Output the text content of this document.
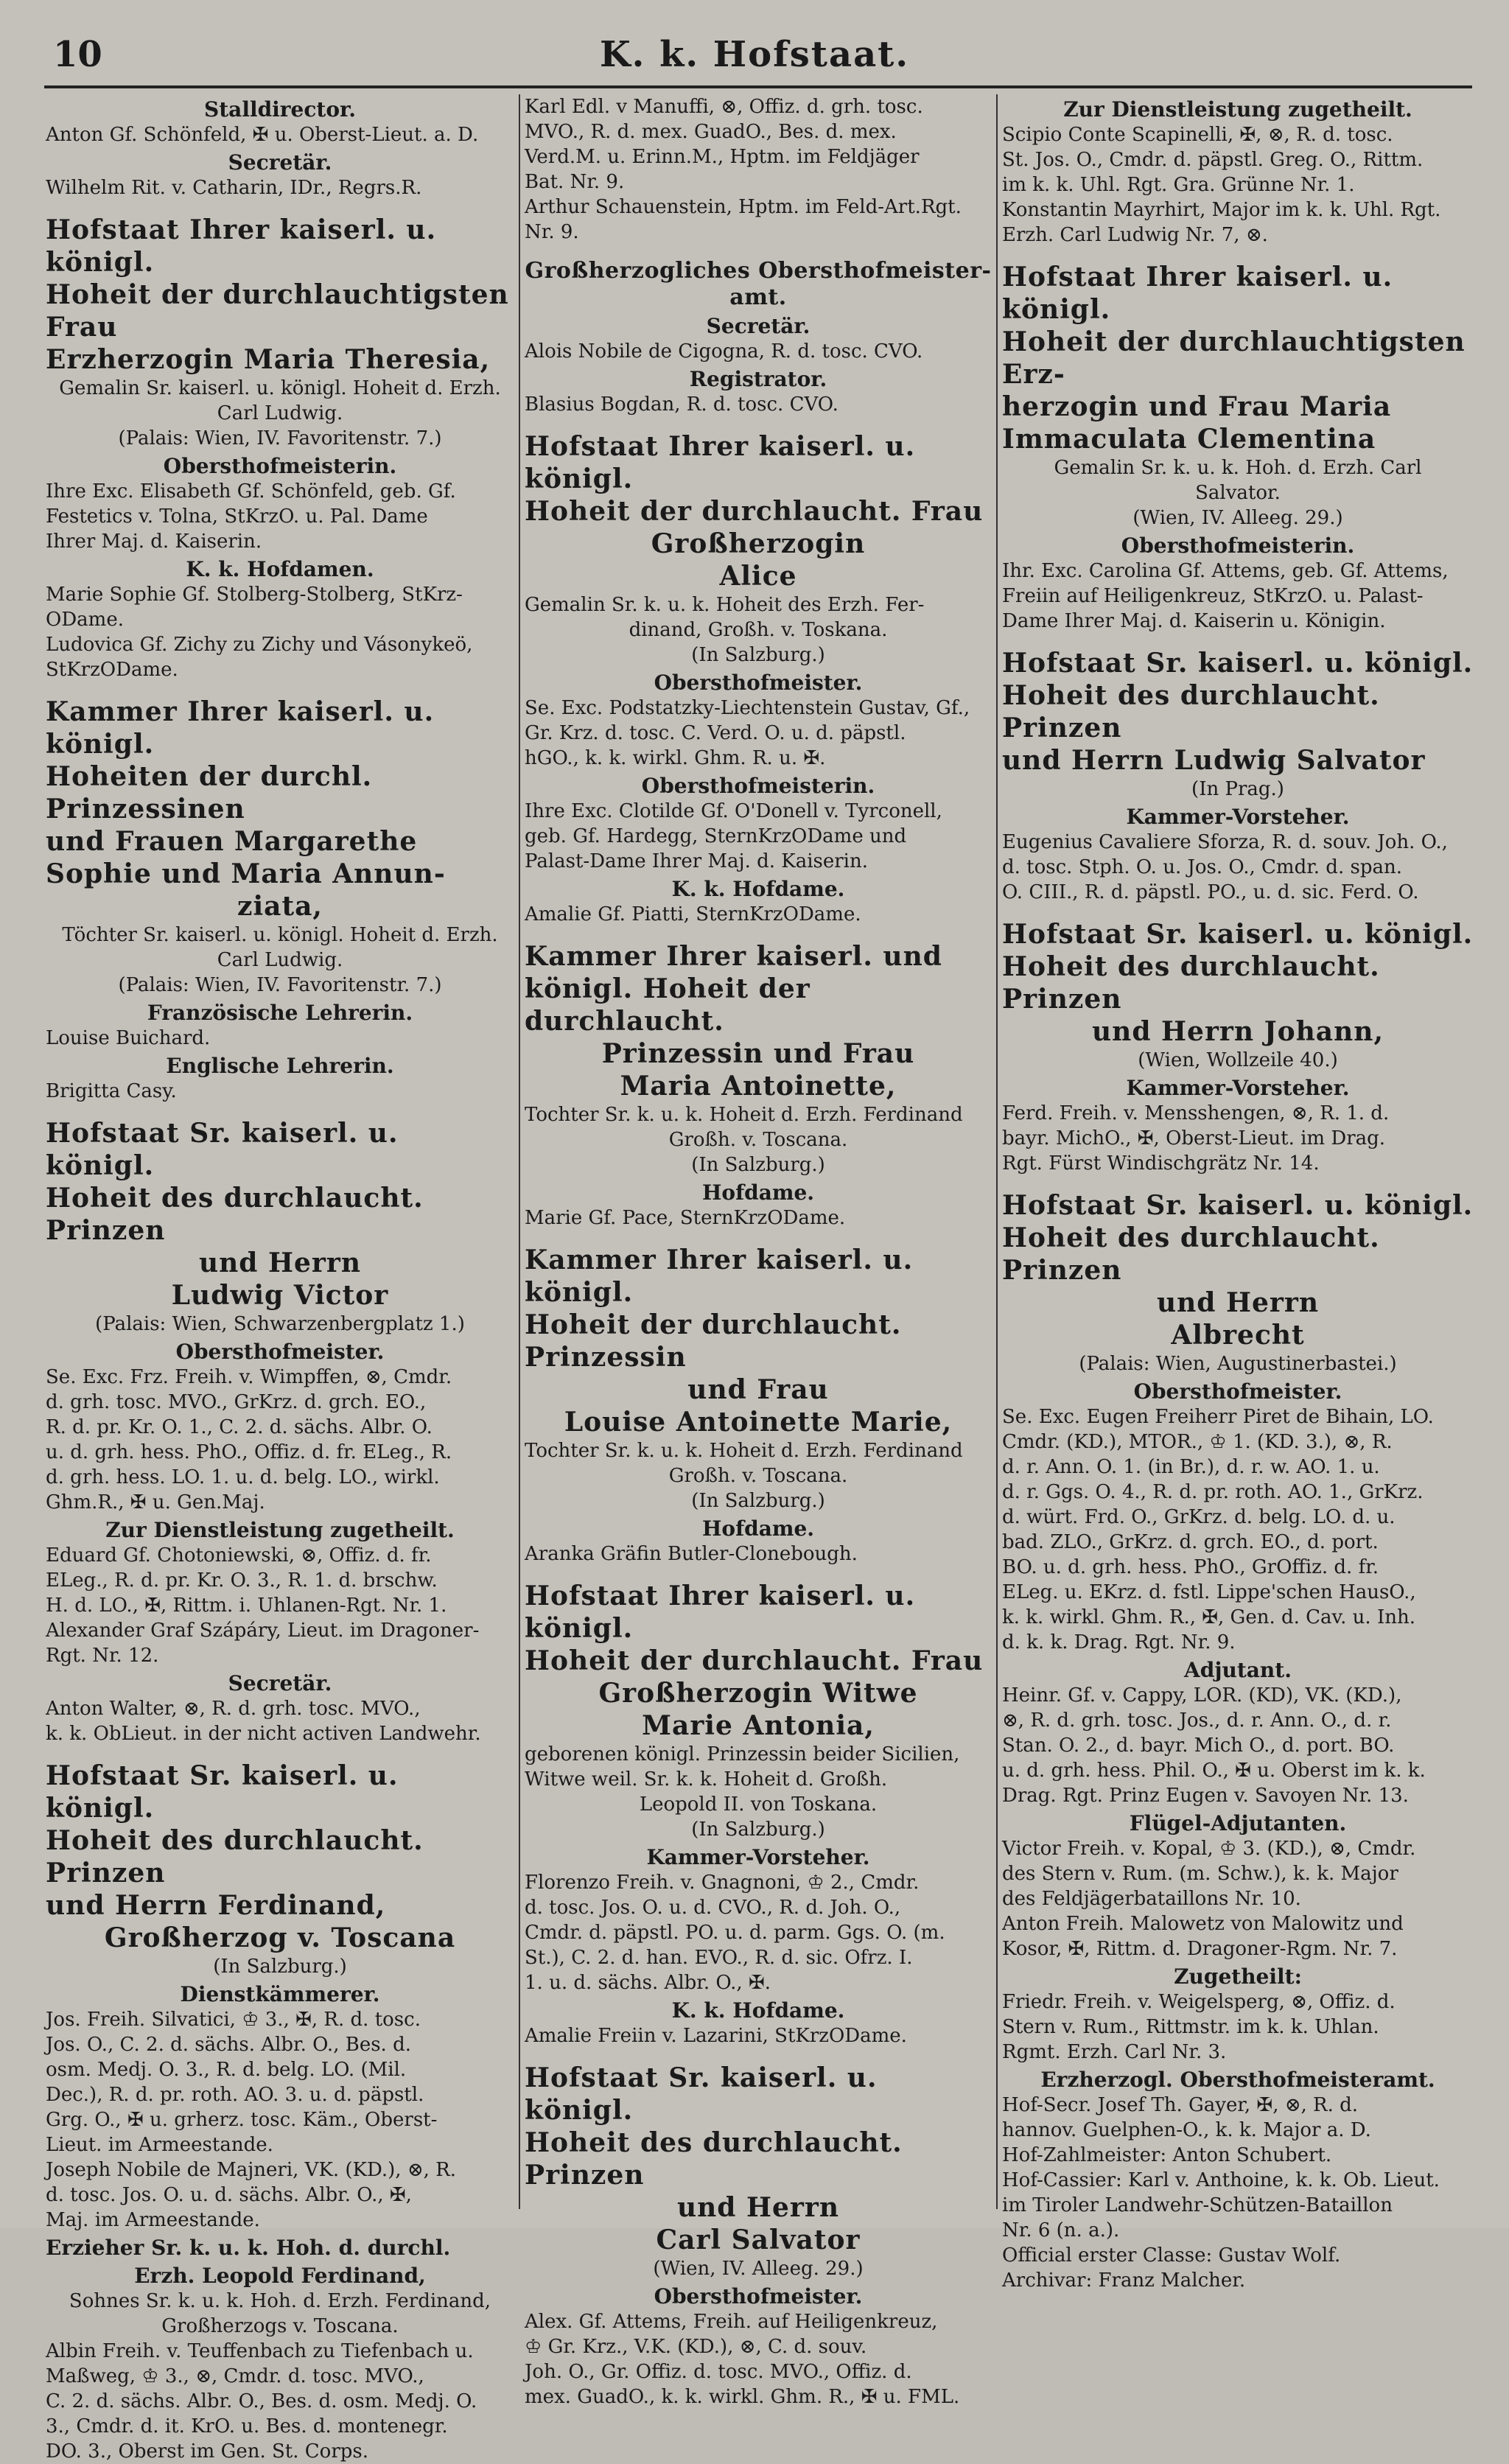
10	K. k. Hofstaat.
Stalldirector.

Anton Gf. Schönfeld, ✠ u. Oberst-Lieut. a. D.

Secretär.

Wilhelm Rit. v. Catharin, IDr., Regrs.R.

Hofstaat Ihrer kaiserl. u. königl.
Hoheit der durchlauchtigsten Frau
Erzherzogin Maria Theresia,

Gemalin Sr. kaiserl. u. königl. Hoheit d. Erzh.

Carl Ludwig.

(Palais: Wien, IV. Favoritenstr. 7.)

Obersthofmeisterin.

Ihre Exc. Elisabeth Gf. Schönfeld, geb. Gf.

Festetics v. Tolna, StKrzO. u. Pal. Dame

Ihrer Maj. d. Kaiserin.

K. k. Hofdamen.

Marie Sophie Gf. Stolberg-Stolberg, StKrz-

ODame.

Ludovica Gf. Zichy zu Zichy und Vásonykeö,

StKrzODame.

Kammer Ihrer kaiserl. u. königl.
Hoheiten der durchl. Prinzessinen
und Frauen Margarethe
Sophie und Maria Annun-
ziata,

Töchter Sr. kaiserl. u. königl. Hoheit d. Erzh.

Carl Ludwig.

(Palais: Wien, IV. Favoritenstr. 7.)

Französische Lehrerin.

Louise Buichard.

Englische Lehrerin.

Brigitta Casy.

Hofstaat Sr. kaiserl. u. königl.
Hoheit des durchlaucht. Prinzen
und Herrn
Ludwig Victor

(Palais: Wien, Schwarzenbergplatz 1.)

Obersthofmeister.

Se. Exc. Frz. Freih. v. Wimpffen, ⊗, Cmdr.

d. grh. tosc. MVO., GrKrz. d. grch. EO.,

R. d. pr. Kr. O. 1., C. 2. d. sächs. Albr. O.

u. d. grh. hess. PhO., Offiz. d. fr. ELeg., R.

d. grh. hess. LO. 1. u. d. belg. LO., wirkl.

Ghm.R., ✠ u. Gen.Maj.

Zur Dienstleistung zugetheilt.

Eduard Gf. Chotoniewski, ⊗, Offiz. d. fr.

ELeg., R. d. pr. Kr. O. 3., R. 1. d. brschw.

H. d. LO., ✠, Rittm. i. Uhlanen-Rgt. Nr. 1.

Alexander Graf Szápáry, Lieut. im Dragoner-

Rgt. Nr. 12.

Secretär.

Anton Walter, ⊗, R. d. grh. tosc. MVO.,

k. k. ObLieut. in der nicht activen Landwehr.

Hofstaat Sr. kaiserl. u. königl.
Hoheit des durchlaucht. Prinzen
und Herrn Ferdinand,
Großherzog v. Toscana

(In Salzburg.)

Dienstkämmerer.

Jos. Freih. Silvatici, ♔ 3., ✠, R. d. tosc.

Jos. O., C. 2. d. sächs. Albr. O., Bes. d.

osm. Medj. O. 3., R. d. belg. LO. (Mil.

Dec.), R. d. pr. roth. AO. 3. u. d. päpstl.

Grg. O., ✠ u. grherz. tosc. Käm., Oberst-

Lieut. im Armeestande.

Joseph Nobile de Majneri, VK. (KD.), ⊗, R.

d. tosc. Jos. O. u. d. sächs. Albr. O., ✠,

Maj. im Armeestande.

Erzieher Sr. k. u. k. Hoh. d. durchl.
Erzh. Leopold Ferdinand,

Sohnes Sr. k. u. k. Hoh. d. Erzh. Ferdinand,

Großherzogs v. Toscana.

Albin Freih. v. Teuffenbach zu Tiefenbach u.

Maßweg, ♔ 3., ⊗, Cmdr. d. tosc. MVO.,

C. 2. d. sächs. Albr. O., Bes. d. osm. Medj. O.

3., Cmdr. d. it. KrO. u. Bes. d. montenegr.

DO. 3., Oberst im Gen. St. Corps.

Karl Edl. v Manuffi, ⊗, Offiz. d. grh. tosc.

MVO., R. d. mex. GuadO., Bes. d. mex.

Verd.M. u. Erinn.M., Hptm. im Feldjäger

Bat. Nr. 9.

Arthur Schauenstein, Hptm. im Feld-Art.Rgt.

Nr. 9.

Großherzogliches Obersthofmeister-
amt.
Secretär.

Alois Nobile de Cigogna, R. d. tosc. CVO.

Registrator.

Blasius Bogdan, R. d. tosc. CVO.

Hofstaat Ihrer kaiserl. u. königl.
Hoheit der durchlaucht. Frau
Großherzogin
Alice

Gemalin Sr. k. u. k. Hoheit des Erzh. Fer-

dinand, Großh. v. Toskana.

(In Salzburg.)

Obersthofmeister.

Se. Exc. Podstatzky-Liechtenstein Gustav, Gf.,

Gr. Krz. d. tosc. C. Verd. O. u. d. päpstl.

hGO., k. k. wirkl. Ghm. R. u. ✠.

Obersthofmeisterin.

Ihre Exc. Clotilde Gf. O'Donell v. Tyrconell,

geb. Gf. Hardegg, SternKrzODame und

Palast-Dame Ihrer Maj. d. Kaiserin.

K. k. Hofdame.

Amalie Gf. Piatti, SternKrzODame.

Kammer Ihrer kaiserl. und
königl. Hoheit der durchlaucht.
Prinzessin und Frau
Maria Antoinette,

Tochter Sr. k. u. k. Hoheit d. Erzh. Ferdinand

Großh. v. Toscana.

(In Salzburg.)

Hofdame.

Marie Gf. Pace, SternKrzODame.

Kammer Ihrer kaiserl. u. königl.
Hoheit der durchlaucht. Prinzessin
und Frau
Louise Antoinette Marie,

Tochter Sr. k. u. k. Hoheit d. Erzh. Ferdinand

Großh. v. Toscana.

(In Salzburg.)

Hofdame.

Aranka Gräfin Butler-Clonebough.

Hofstaat Ihrer kaiserl. u. königl.
Hoheit der durchlaucht. Frau
Großherzogin Witwe
Marie Antonia,

geborenen königl. Prinzessin beider Sicilien,

Witwe weil. Sr. k. k. Hoheit d. Großh.

Leopold II. von Toskana.

(In Salzburg.)

Kammer-Vorsteher.

Florenzo Freih. v. Gnagnoni, ♔ 2., Cmdr.

d. tosc. Jos. O. u. d. CVO., R. d. Joh. O.,

Cmdr. d. päpstl. PO. u. d. parm. Ggs. O. (m.

St.), C. 2. d. han. EVO., R. d. sic. Ofrz. I.

1. u. d. sächs. Albr. O., ✠.

K. k. Hofdame.

Amalie Freiin v. Lazarini, StKrzODame.

Hofstaat Sr. kaiserl. u. königl.
Hoheit des durchlaucht. Prinzen
und Herrn
Carl Salvator

(Wien, IV. Alleeg. 29.)

Obersthofmeister.

Alex. Gf. Attems, Freih. auf Heiligenkreuz,

♔ Gr. Krz., V.K. (KD.), ⊗, C. d. souv.

Joh. O., Gr. Offiz. d. tosc. MVO., Offiz. d.

mex. GuadO., k. k. wirkl. Ghm. R., ✠ u. FML.

Zur Dienstleistung zugetheilt.

Scipio Conte Scapinelli, ✠, ⊗, R. d. tosc.

St. Jos. O., Cmdr. d. päpstl. Greg. O., Rittm.

im k. k. Uhl. Rgt. Gra. Grünne Nr. 1.

Konstantin Mayrhirt, Major im k. k. Uhl. Rgt.

Erzh. Carl Ludwig Nr. 7, ⊗.

Hofstaat Ihrer kaiserl. u. königl.
Hoheit der durchlauchtigsten Erz-
herzogin und Frau Maria
Immaculata Clementina

Gemalin Sr. k. u. k. Hoh. d. Erzh. Carl

Salvator.

(Wien, IV. Alleeg. 29.)

Obersthofmeisterin.

Ihr. Exc. Carolina Gf. Attems, geb. Gf. Attems,

Freiin auf Heiligenkreuz, StKrzO. u. Palast-

Dame Ihrer Maj. d. Kaiserin u. Königin.

Hofstaat Sr. kaiserl. u. königl.
Hoheit des durchlaucht. Prinzen
und Herrn Ludwig Salvator

(In Prag.)

Kammer-Vorsteher.

Eugenius Cavaliere Sforza, R. d. souv. Joh. O.,

d. tosc. Stph. O. u. Jos. O., Cmdr. d. span.

O. CIII., R. d. päpstl. PO., u. d. sic. Ferd. O.

Hofstaat Sr. kaiserl. u. königl.
Hoheit des durchlaucht. Prinzen
und Herrn Johann,

(Wien, Wollzeile 40.)

Kammer-Vorsteher.

Ferd. Freih. v. Mensshengen, ⊗, R. 1. d.

bayr. MichO., ✠, Oberst-Lieut. im Drag.

Rgt. Fürst Windischgrätz Nr. 14.

Hofstaat Sr. kaiserl. u. königl.
Hoheit des durchlaucht. Prinzen
und Herrn
Albrecht

(Palais: Wien, Augustinerbastei.)

Obersthofmeister.

Se. Exc. Eugen Freiherr Piret de Bihain, LO.

Cmdr. (KD.), MTOR., ♔ 1. (KD. 3.), ⊗, R.

d. r. Ann. O. 1. (in Br.), d. r. w. AO. 1. u.

d. r. Ggs. O. 4., R. d. pr. roth. AO. 1., GrKrz.

d. würt. Frd. O., GrKrz. d. belg. LO. d. u.

bad. ZLO., GrKrz. d. grch. EO., d. port.

BO. u. d. grh. hess. PhO., GrOffiz. d. fr.

ELeg. u. EKrz. d. fstl. Lippe'schen HausO.,

k. k. wirkl. Ghm. R., ✠, Gen. d. Cav. u. Inh.

d. k. k. Drag. Rgt. Nr. 9.

Adjutant.

Heinr. Gf. v. Cappy, LOR. (KD), VK. (KD.),

⊗, R. d. grh. tosc. Jos., d. r. Ann. O., d. r.

Stan. O. 2., d. bayr. Mich O., d. port. BO.

u. d. grh. hess. Phil. O., ✠ u. Oberst im k. k.

Drag. Rgt. Prinz Eugen v. Savoyen Nr. 13.

Flügel-Adjutanten.

Victor Freih. v. Kopal, ♔ 3. (KD.), ⊗, Cmdr.

des Stern v. Rum. (m. Schw.), k. k. Major

des Feldjägerbataillons Nr. 10.

Anton Freih. Malowetz von Malowitz und

Kosor, ✠, Rittm. d. Dragoner-Rgm. Nr. 7.

Zugetheilt:

Friedr. Freih. v. Weigelsperg, ⊗, Offiz. d.

Stern v. Rum., Rittmstr. im k. k. Uhlan.

Rgmt. Erzh. Carl Nr. 3.

Erzherzogl. Obersthofmeisteramt.

Hof-Secr. Josef Th. Gayer, ✠, ⊗, R. d.

hannov. Guelphen-O., k. k. Major a. D.

Hof-Zahlmeister: Anton Schubert.

Hof-Cassier: Karl v. Anthoine, k. k. Ob. Lieut.

im Tiroler Landwehr-Schützen-Bataillon

Nr. 6 (n. a.).

Official erster Classe: Gustav Wolf.

Archivar: Franz Malcher.
